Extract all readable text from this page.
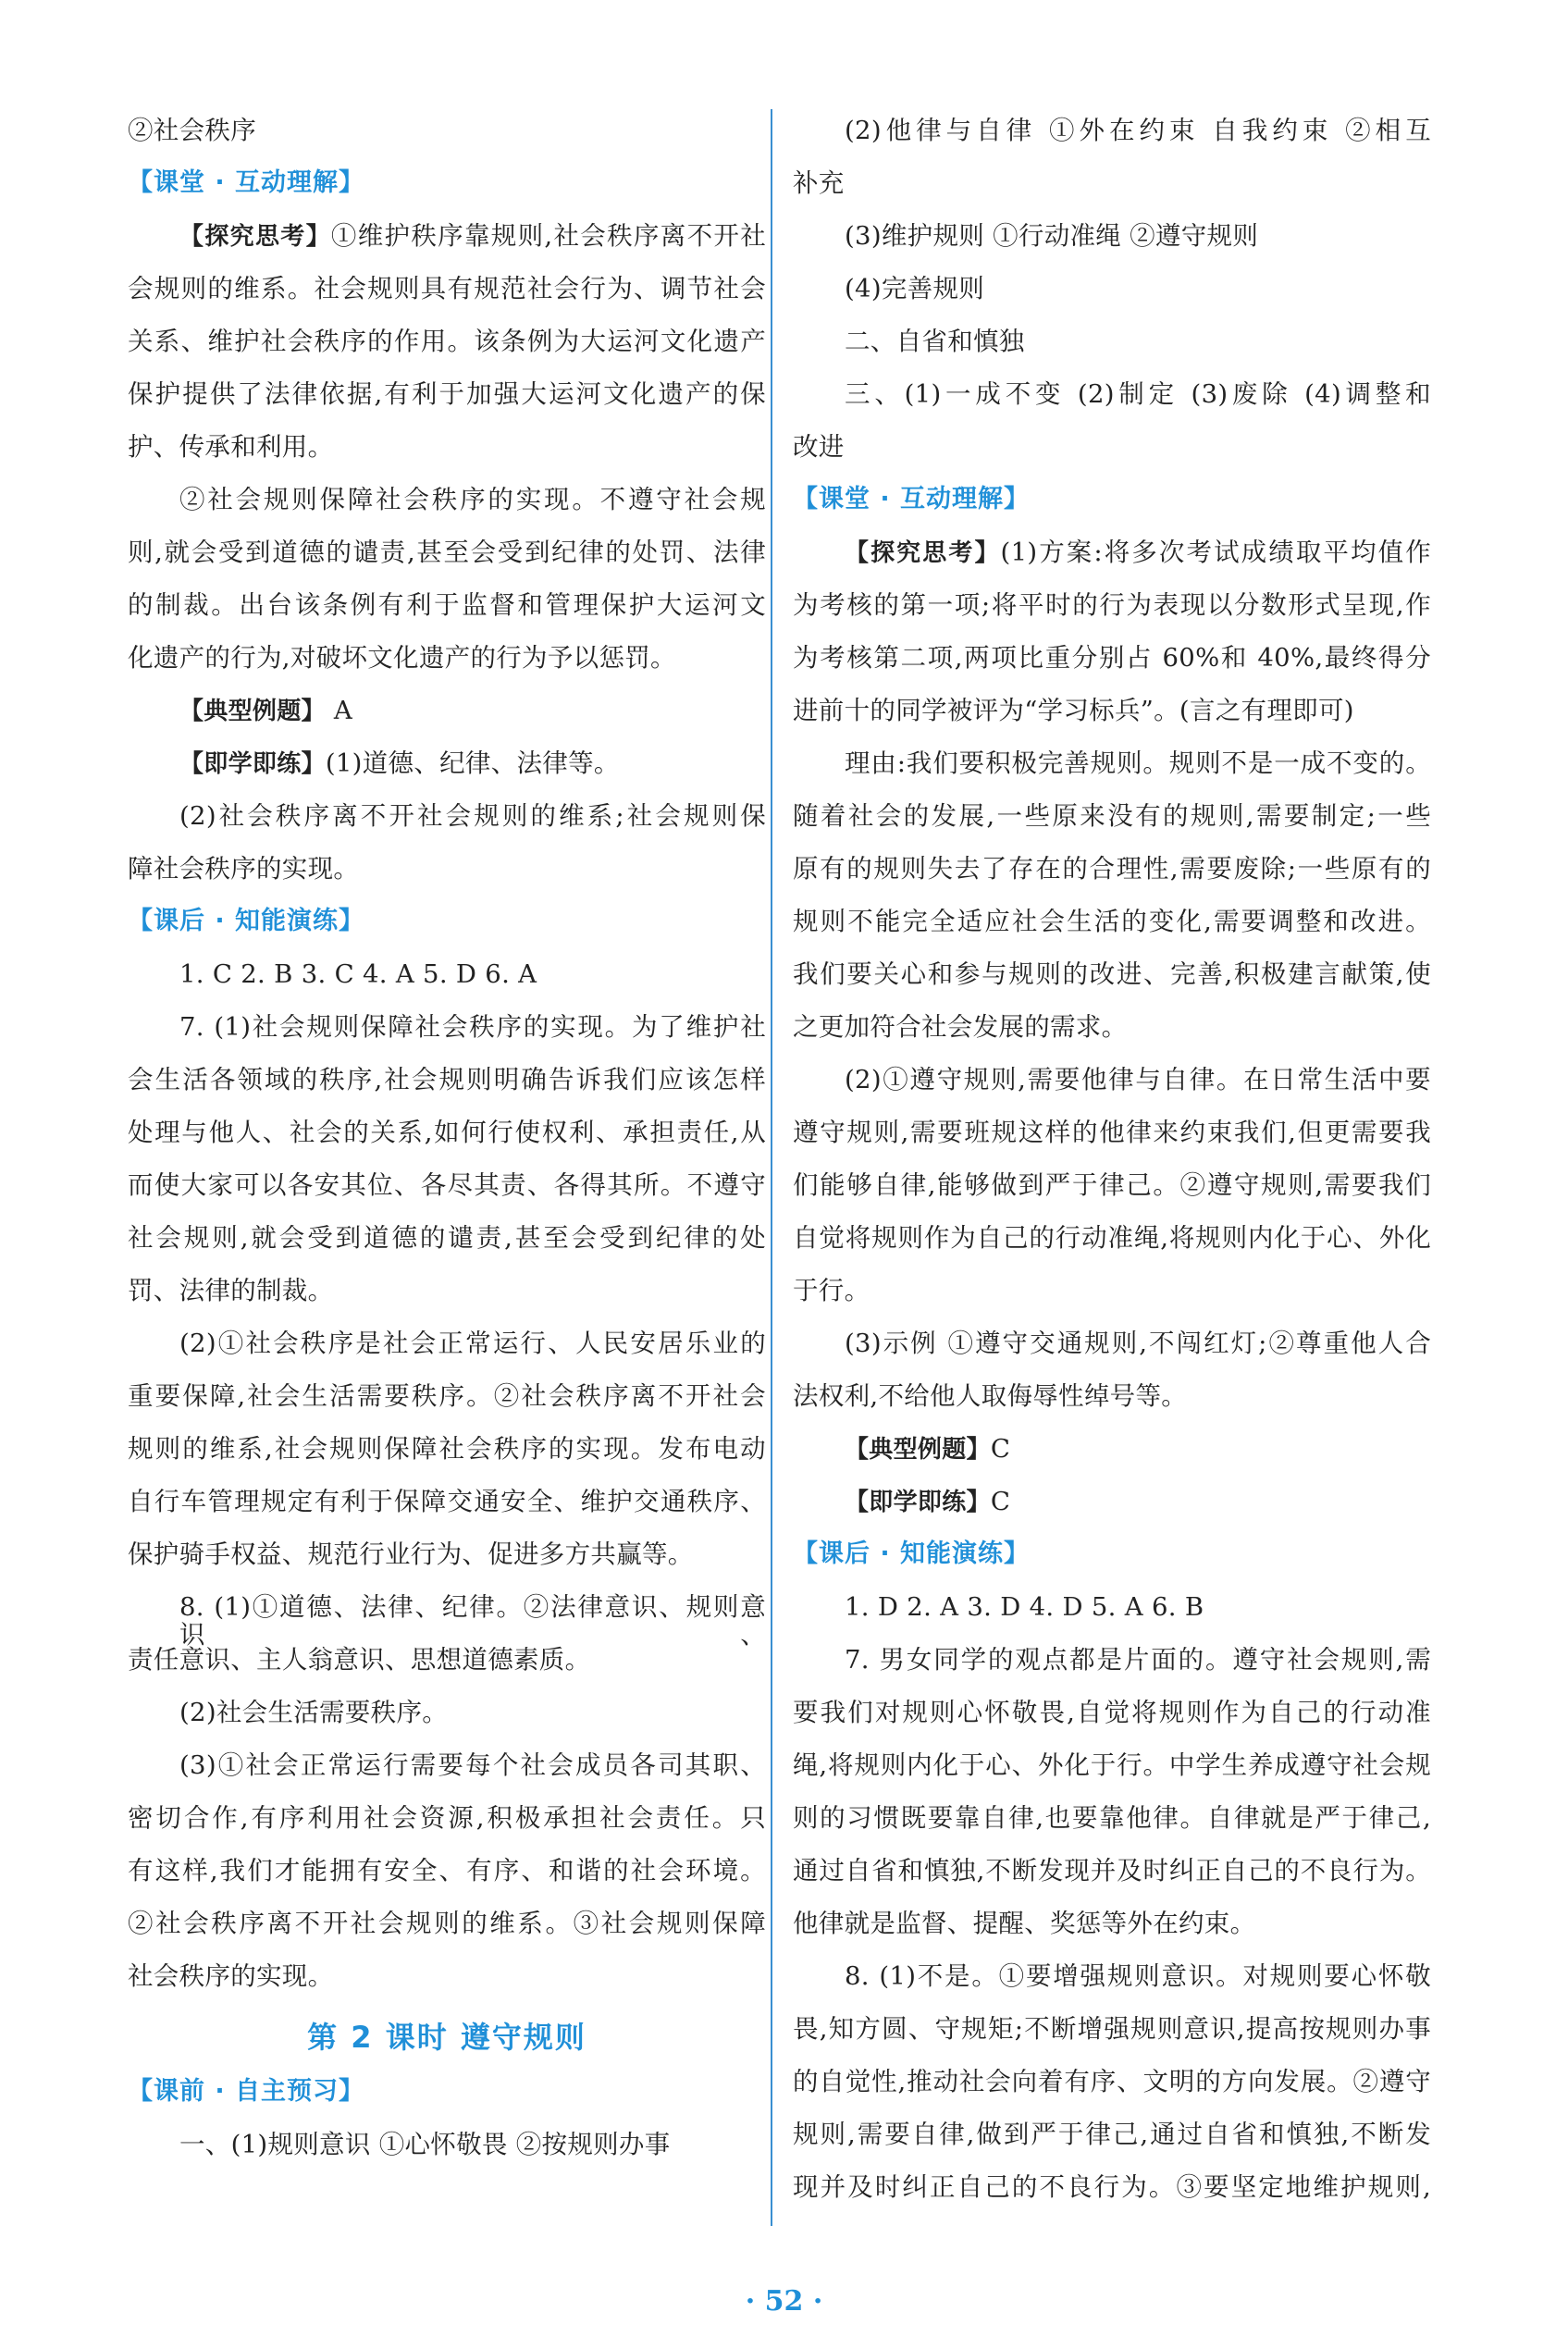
②社会秩序
【课堂 · 互动理解】
【探究思考】①维护秩序靠规则,社会秩序离不开社
会规则的维系。社会规则具有规范社会行为、调节社会
关系、维护社会秩序的作用。该条例为大运河文化遗产
保护提供了法律依据,有利于加强大运河文化遗产的保
护、传承和利用。
②社会规则保障社会秩序的实现。不遵守社会规
则,就会受到道德的谴责,甚至会受到纪律的处罚、法律
的制裁。出台该条例有利于监督和管理保护大运河文
化遗产的行为,对破坏文化遗产的行为予以惩罚。
【典型例题】 A
【即学即练】(1)道德、纪律、法律等。
(2)社会秩序离不开社会规则的维系;社会规则保
障社会秩序的实现。
【课后 · 知能演练】
1. C 2. B 3. C 4. A 5. D 6. A
7. (1)社会规则保障社会秩序的实现。为了维护社
会生活各领域的秩序,社会规则明确告诉我们应该怎样
处理与他人、社会的关系,如何行使权利、承担责任,从
而使大家可以各安其位、各尽其责、各得其所。不遵守
社会规则,就会受到道德的谴责,甚至会受到纪律的处
罚、法律的制裁。
(2)①社会秩序是社会正常运行、人民安居乐业的
重要保障,社会生活需要秩序。②社会秩序离不开社会
规则的维系,社会规则保障社会秩序的实现。发布电动
自行车管理规定有利于保障交通安全、维护交通秩序、
保护骑手权益、规范行业行为、促进多方共赢等。
8. (1)①道德、法律、纪律。②法律意识、规则意识、
责任意识、主人翁意识、思想道德素质。
(2)社会生活需要秩序。
(3)①社会正常运行需要每个社会成员各司其职、
密切合作,有序利用社会资源,积极承担社会责任。只
有这样,我们才能拥有安全、有序、和谐的社会环境。
②社会秩序离不开社会规则的维系。③社会规则保障
社会秩序的实现。
第 2 课时 遵守规则
【课前 · 自主预习】
一、(1)规则意识 ①心怀敬畏 ②按规则办事
(2)他律与自律 ①外在约束 自我约束 ②相互
补充
(3)维护规则 ①行动准绳 ②遵守规则
(4)完善规则
二、自省和慎独
三、(1)一成不变 (2)制定 (3)废除 (4)调整和
改进
【课堂 · 互动理解】
【探究思考】(1)方案:将多次考试成绩取平均值作
为考核的第一项;将平时的行为表现以分数形式呈现,作
为考核第二项,两项比重分别占 60%和 40%,最终得分
进前十的同学被评为“学习标兵”。(言之有理即可)
理由:我们要积极完善规则。规则不是一成不变的。
随着社会的发展,一些原来没有的规则,需要制定;一些
原有的规则失去了存在的合理性,需要废除;一些原有的
规则不能完全适应社会生活的变化,需要调整和改进。
我们要关心和参与规则的改进、完善,积极建言献策,使
之更加符合社会发展的需求。
(2)①遵守规则,需要他律与自律。在日常生活中要
遵守规则,需要班规这样的他律来约束我们,但更需要我
们能够自律,能够做到严于律己。②遵守规则,需要我们
自觉将规则作为自己的行动准绳,将规则内化于心、外化
于行。
(3)示例 ①遵守交通规则,不闯红灯;②尊重他人合
法权利,不给他人取侮辱性绰号等。
【典型例题】C
【即学即练】C
【课后 · 知能演练】
1. D 2. A 3. D 4. D 5. A 6. B
7. 男女同学的观点都是片面的。遵守社会规则,需
要我们对规则心怀敬畏,自觉将规则作为自己的行动准
绳,将规则内化于心、外化于行。中学生养成遵守社会规
则的习惯既要靠自律,也要靠他律。自律就是严于律己,
通过自省和慎独,不断发现并及时纠正自己的不良行为。
他律就是监督、提醒、奖惩等外在约束。
8. (1)不是。①要增强规则意识。对规则要心怀敬
畏,知方圆、守规矩;不断增强规则意识,提高按规则办事
的自觉性,推动社会向着有序、文明的方向发展。②遵守
规则,需要自律,做到严于律己,通过自省和慎独,不断发
现并及时纠正自己的不良行为。③要坚定地维护规则,
· 52 ·
